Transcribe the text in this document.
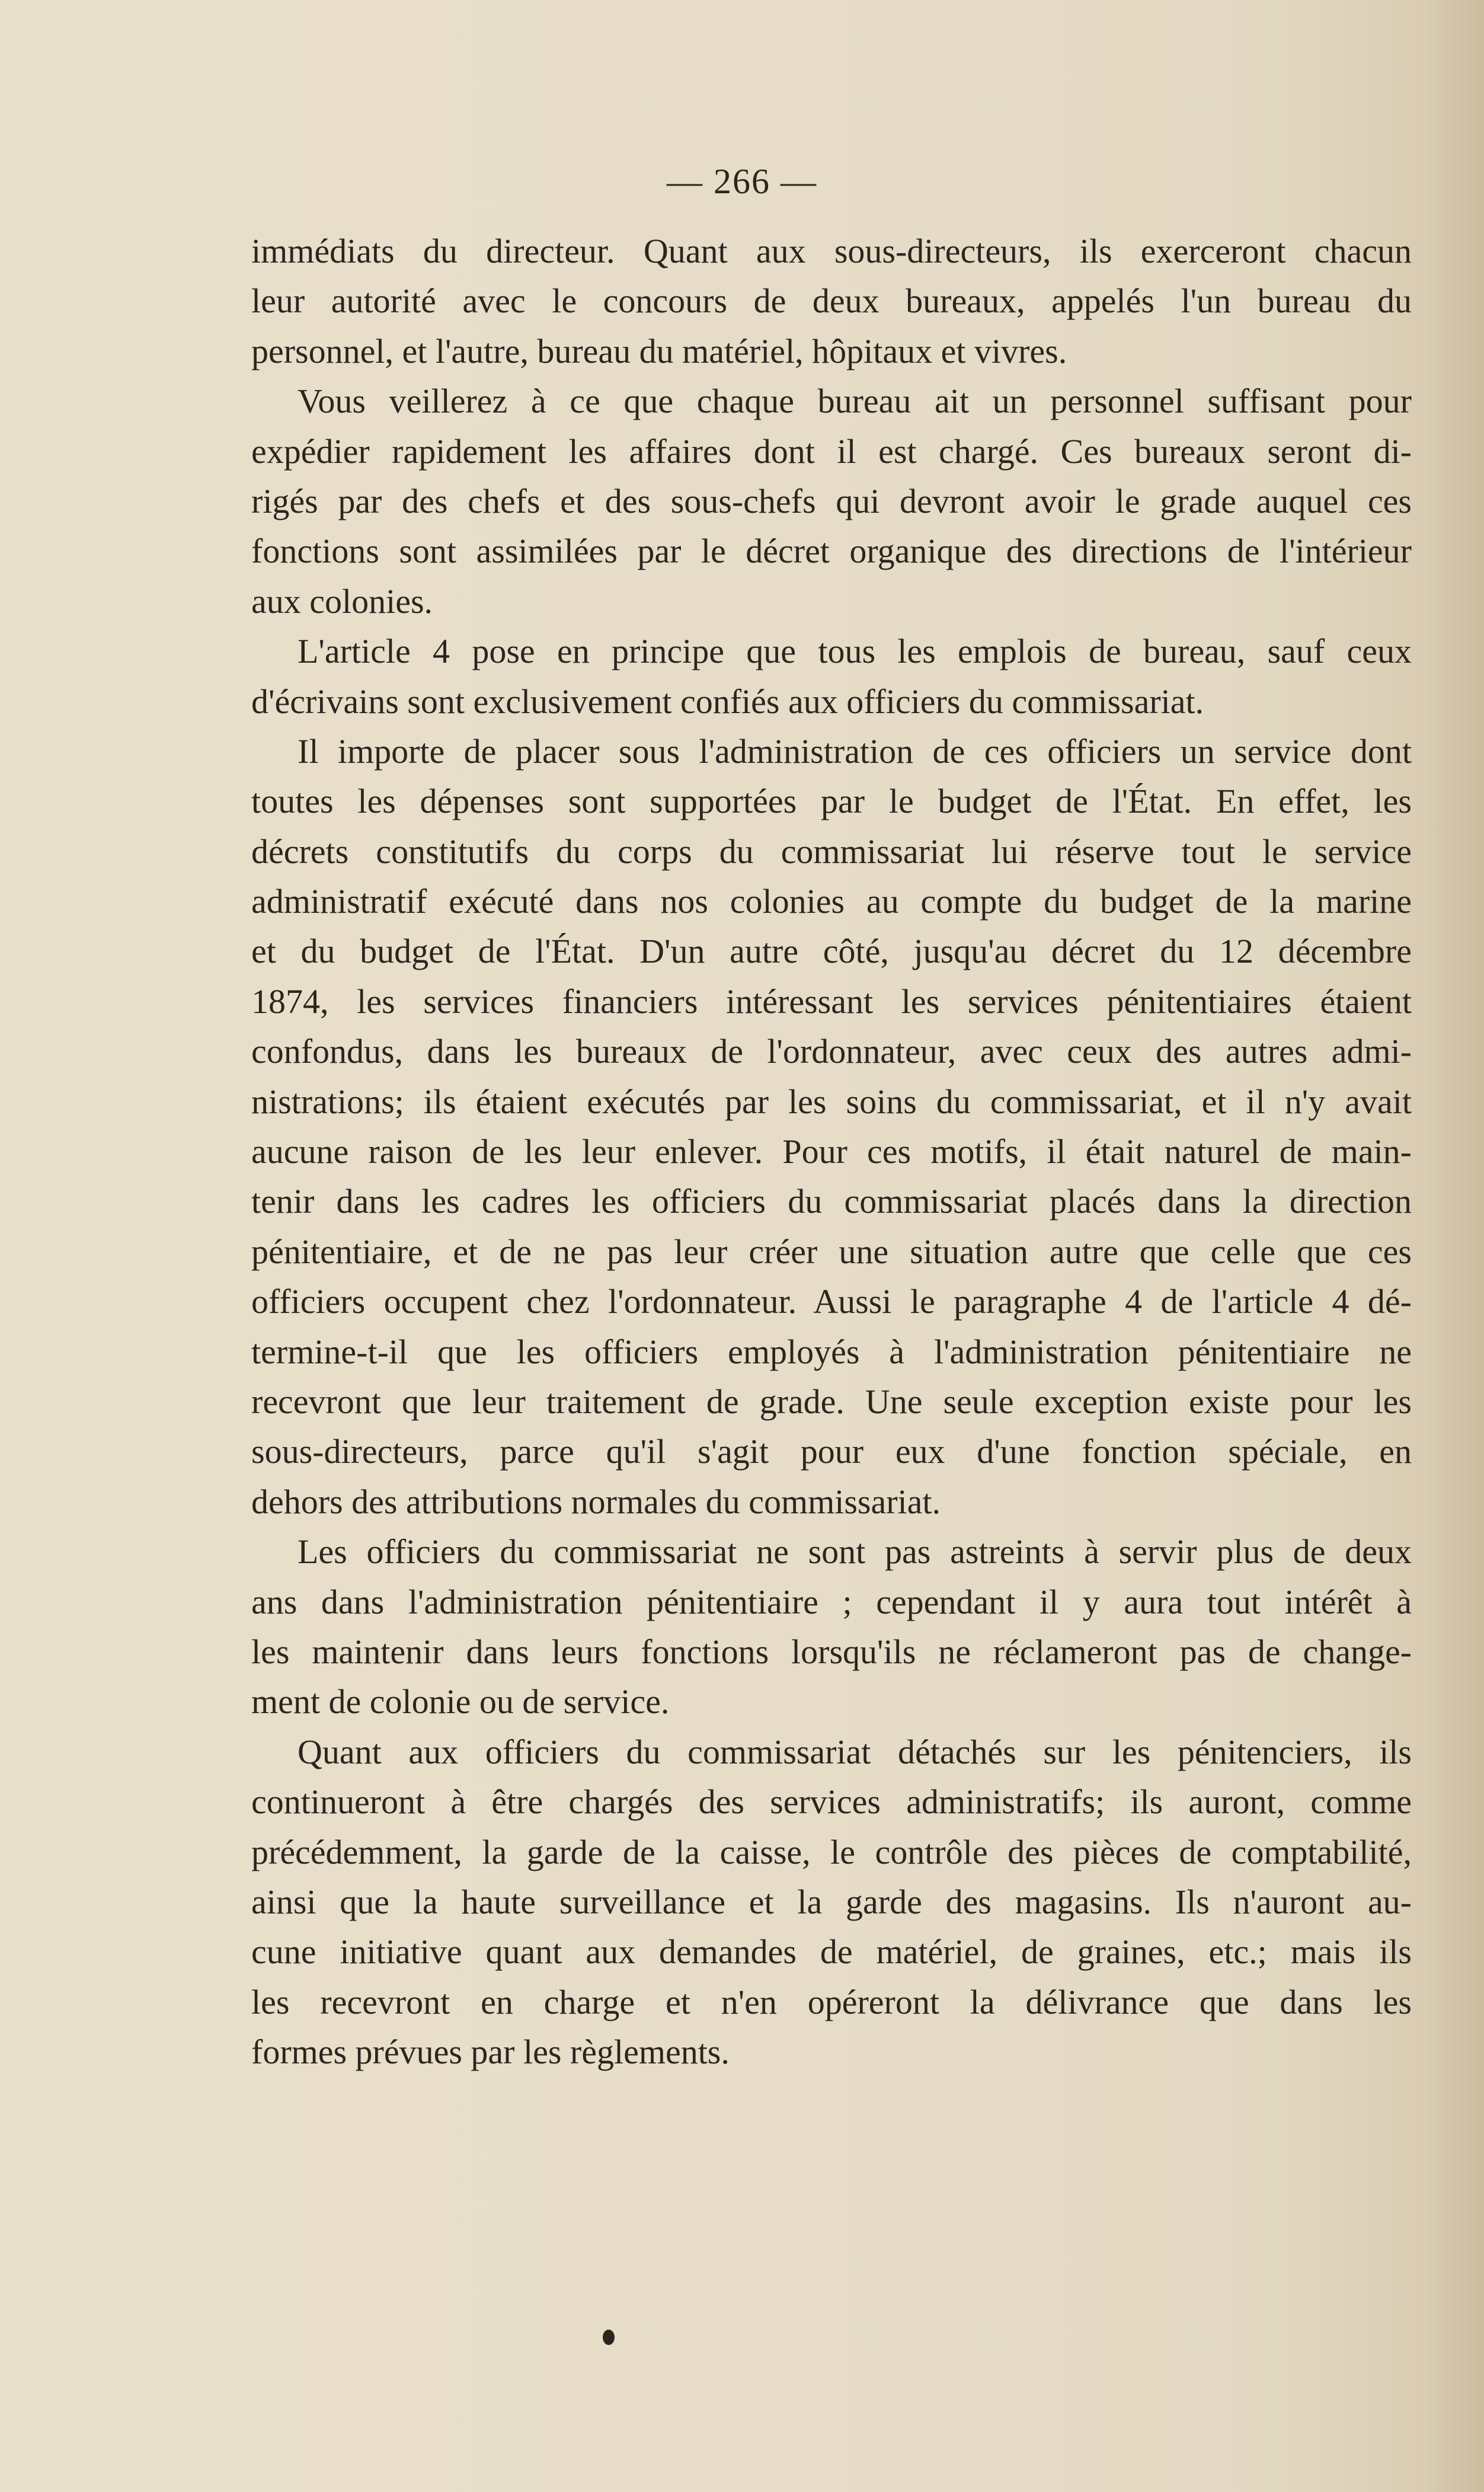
— 266 —
immédiats du directeur. Quant aux sous-directeurs, ils exerceront chacun
leur autorité avec le concours de deux bureaux, appelés l'un bureau du
personnel, et l'autre, bureau du matériel, hôpitaux et vivres.
Vous veillerez à ce que chaque bureau ait un personnel suffisant pour
expédier rapidement les affaires dont il est chargé. Ces bureaux seront di-
rigés par des chefs et des sous-chefs qui devront avoir le grade auquel ces
fonctions sont assimilées par le décret organique des directions de l'intérieur
aux colonies.
L'article 4 pose en principe que tous les emplois de bureau, sauf ceux
d'écrivains sont exclusivement confiés aux officiers du commissariat.
Il importe de placer sous l'administration de ces officiers un service dont
toutes les dépenses sont supportées par le budget de l'État. En effet, les
décrets constitutifs du corps du commissariat lui réserve tout le service
administratif exécuté dans nos colonies au compte du budget de la marine
et du budget de l'État. D'un autre côté, jusqu'au décret du 12 décembre
1874, les services financiers intéressant les services pénitentiaires étaient
confondus, dans les bureaux de l'ordonnateur, avec ceux des autres admi-
nistrations; ils étaient exécutés par les soins du commissariat, et il n'y avait
aucune raison de les leur enlever. Pour ces motifs, il était naturel de main-
tenir dans les cadres les officiers du commissariat placés dans la direction
pénitentiaire, et de ne pas leur créer une situation autre que celle que ces
officiers occupent chez l'ordonnateur. Aussi le paragraphe 4 de l'article 4 dé-
termine-t-il que les officiers employés à l'administration pénitentiaire ne
recevront que leur traitement de grade. Une seule exception existe pour les
sous-directeurs, parce qu'il s'agit pour eux d'une fonction spéciale, en
dehors des attributions normales du commissariat.
Les officiers du commissariat ne sont pas astreints à servir plus de deux
ans dans l'administration pénitentiaire ; cependant il y aura tout intérêt à
les maintenir dans leurs fonctions lorsqu'ils ne réclameront pas de change-
ment de colonie ou de service.
Quant aux officiers du commissariat détachés sur les pénitenciers, ils
continueront à être chargés des services administratifs; ils auront, comme
précédemment, la garde de la caisse, le contrôle des pièces de comptabilité,
ainsi que la haute surveillance et la garde des magasins. Ils n'auront au-
cune initiative quant aux demandes de matériel, de graines, etc.; mais ils
les recevront en charge et n'en opéreront la délivrance que dans les
formes prévues par les règlements.
